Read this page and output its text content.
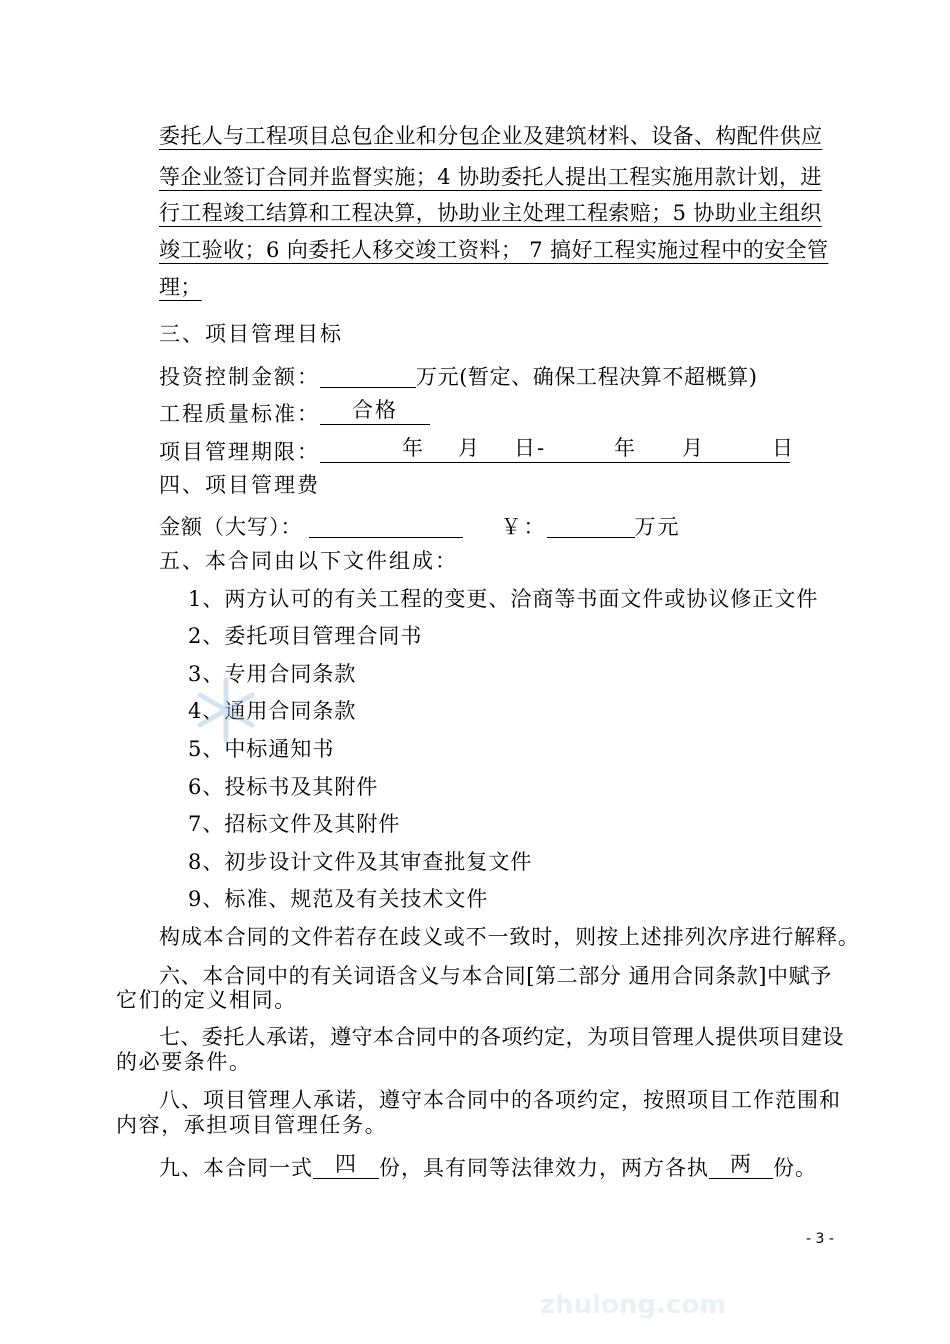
委托人与工程项目总包企业和分包企业及建筑材料、设备、构配件供应
等企业签订合同并监督实施；4 协助委托人提出工程实施用款计划，进
行工程竣工结算和工程决算，协助业主处理工程索赔；5 协助业主组织
竣工验收；6 向委托人移交竣工资料； 7 搞好工程实施过程中的安全管
理；
三、项目管理目标
投资控制金额：	万元(暂定、确保工程决算不超概算)
工程质量标准： 合格
项目管理期限：	年 月 日-	年 月	日
四、项目管理费
金额（大写）：	￥：	万元
五、本合同由以下文件组成：
1、两方认可的有关工程的变更、洽商等书面文件或协议修正文件
2、委托项目管理合同书
3、专用合同条款
4、通用合同条款
5、中标通知书
6、投标书及其附件
7、招标文件及其附件
8、初步设计文件及其审查批复文件
9、标准、规范及有关技术文件
构成本合同的文件若存在歧义或不一致时，则按上述排列次序进行解释。
六、本合同中的有关词语含义与本合同[第二部分 通用合同条款]中赋予
它们的定义相同。
七、委托人承诺，遵守本合同中的各项约定，为项目管理人提供项目建设
的必要条件。
八、项目管理人承诺，遵守本合同中的各项约定，按照项目工作范围和
内容，承担项目管理任务。
九、本合同一式 四 份，具有同等法律效力，两方各执 两 份。
- 3 -
zhulong.com
